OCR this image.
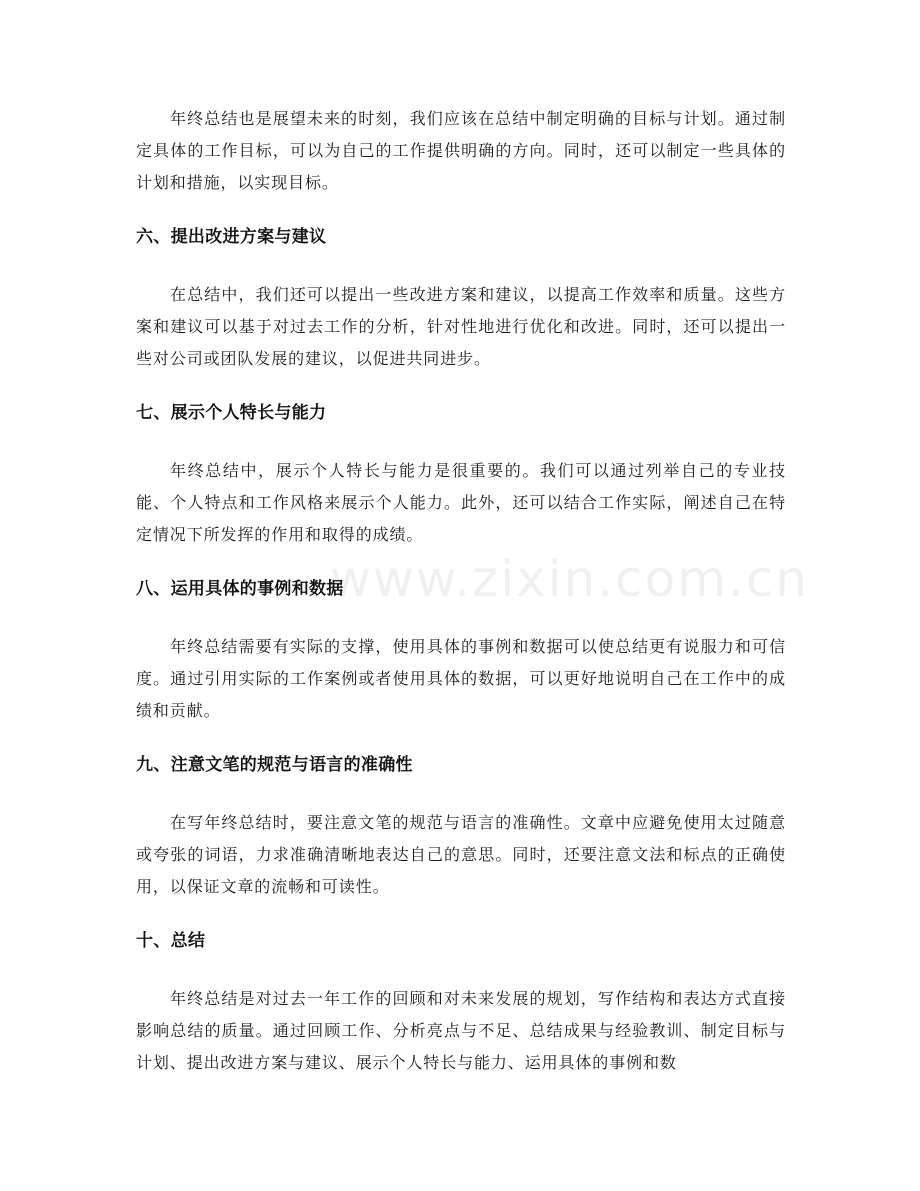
www.zixin.com.cn

年终总结也是展望未来的时刻，我们应该在总结中制定明确的目标与计划。通过制定具体的工作目标，可以为自己的工作提供明确的方向。同时，还可以制定一些具体的计划和措施，以实现目标。

六、提出改进方案与建议

在总结中，我们还可以提出一些改进方案和建议，以提高工作效率和质量。这些方案和建议可以基于对过去工作的分析，针对性地进行优化和改进。同时，还可以提出一些对公司或团队发展的建议，以促进共同进步。

七、展示个人特长与能力

年终总结中，展示个人特长与能力是很重要的。我们可以通过列举自己的专业技能、个人特点和工作风格来展示个人能力。此外，还可以结合工作实际，阐述自己在特定情况下所发挥的作用和取得的成绩。

八、运用具体的事例和数据

年终总结需要有实际的支撑，使用具体的事例和数据可以使总结更有说服力和可信度。通过引用实际的工作案例或者使用具体的数据，可以更好地说明自己在工作中的成绩和贡献。

九、注意文笔的规范与语言的准确性

在写年终总结时，要注意文笔的规范与语言的准确性。文章中应避免使用太过随意或夸张的词语，力求准确清晰地表达自己的意思。同时，还要注意文法和标点的正确使用，以保证文章的流畅和可读性。

十、总结

年终总结是对过去一年工作的回顾和对未来发展的规划，写作结构和表达方式直接影响总结的质量。通过回顾工作、分析亮点与不足、总结成果与经验教训、制定目标与计划、提出改进方案与建议、展示个人特长与能力、运用具体的事例和数
